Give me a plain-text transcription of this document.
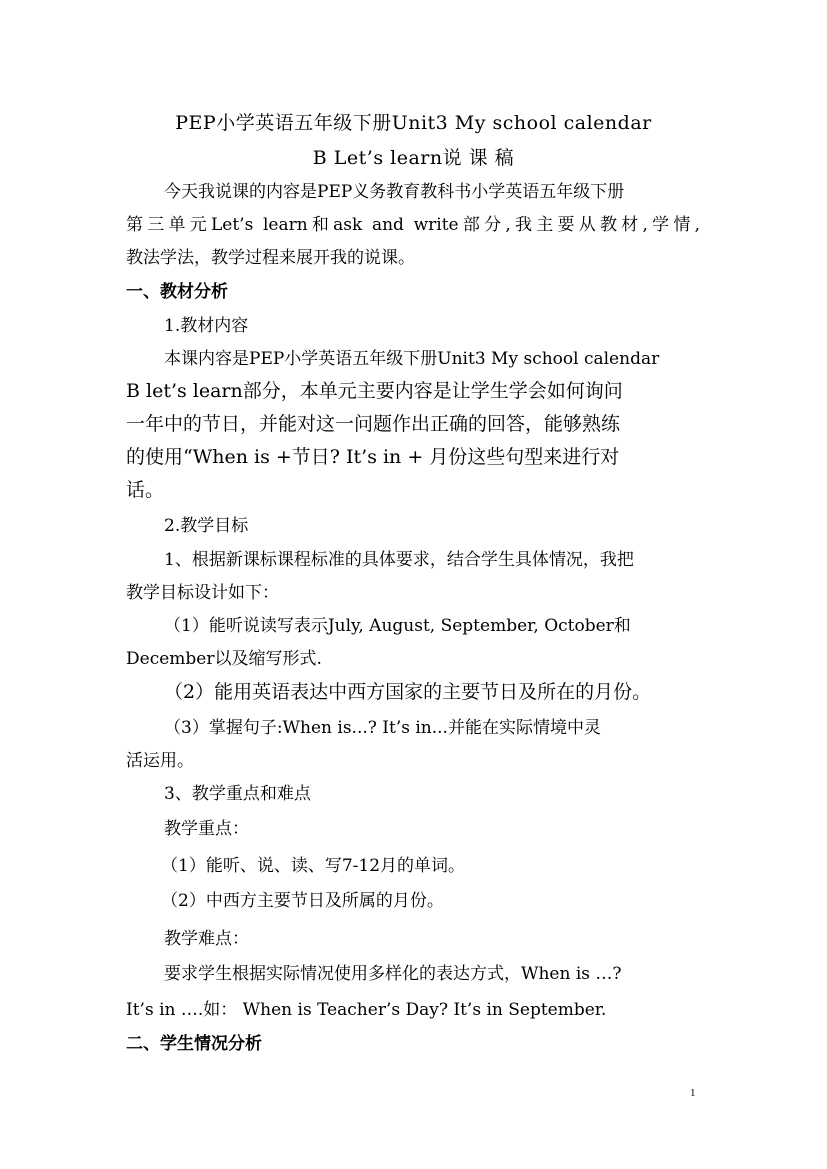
PEP小学英语五年级下册Unit3 My school calendar
B Let’s learn说 课 稿
今天我说课的内容是PEP义务教育教科书小学英语五年级下册
第三单元Let’s learn和ask and write部分,我主要从教材,学情,
教法学法，教学过程来展开我的说课。
一、教材分析
1.教材内容
本课内容是PEP小学英语五年级下册Unit3 My school calendar
B let’s learn部分，本单元主要内容是让学生学会如何询问
一年中的节日，并能对这一问题作出正确的回答，能够熟练
的使用“When is +节日? It’s in + 月份这些句型来进行对
话。
2.教学目标
1、根据新课标课程标准的具体要求，结合学生具体情况，我把
教学目标设计如下：
（1）能听说读写表示July, August, September, October和
December以及缩写形式.
（2）能用英语表达中西方国家的主要节日及所在的月份。
（3）掌握句子:When is...? It’s in...并能在实际情境中灵
活运用。
3、教学重点和难点
教学重点：
（1）能听、说、读、写7-12月的单词。
（2）中西方主要节日及所属的月份。
教学难点：
要求学生根据实际情况使用多样化的表达方式，When is …?
It’s in ….如： When is Teacher’s Day? It’s in September.
二、学生情况分析
1
